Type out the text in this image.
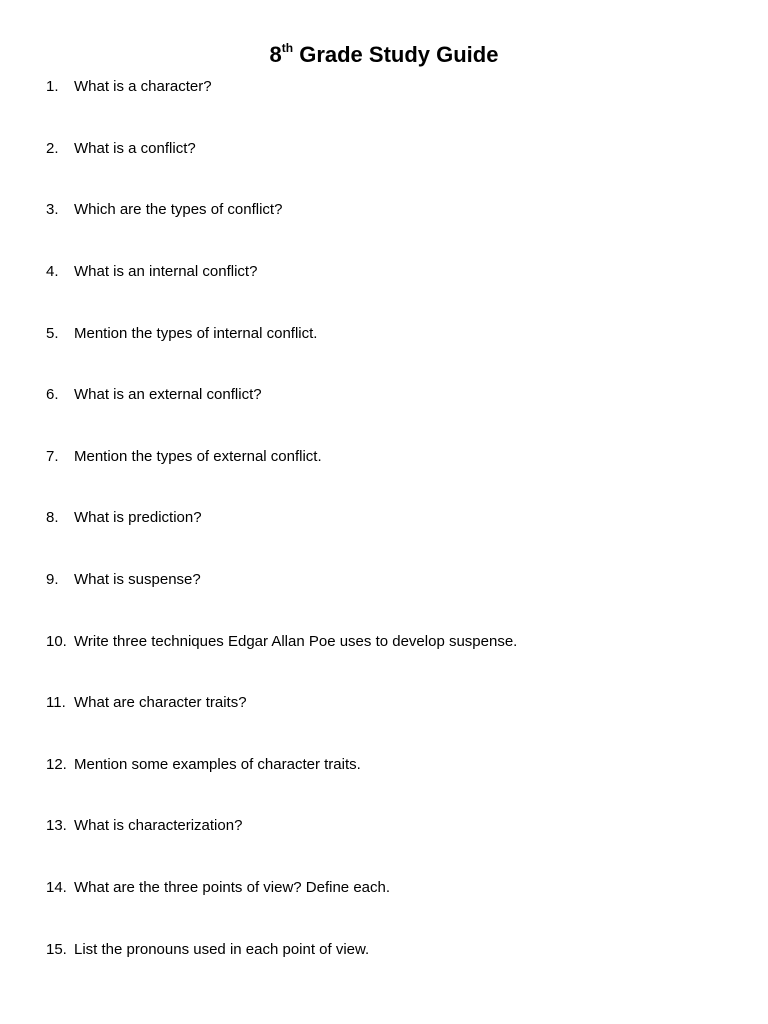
8th Grade Study Guide
1. What is a character?
2. What is a conflict?
3. Which are the types of conflict?
4. What is an internal conflict?
5. Mention the types of internal conflict.
6. What is an external conflict?
7. Mention the types of external conflict.
8. What is prediction?
9. What is suspense?
10. Write three techniques Edgar Allan Poe uses to develop suspense.
11. What are character traits?
12. Mention some examples of character traits.
13. What is characterization?
14. What are the three points of view? Define each.
15. List the pronouns used in each point of view.
